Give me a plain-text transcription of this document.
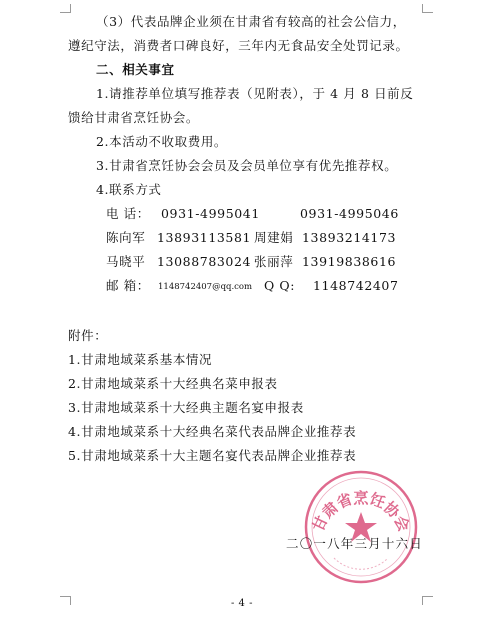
（3）代表品牌企业须在甘肃省有较高的社会公信力，
遵纪守法，消费者口碑良好，三年内无食品安全处罚记录。
二、相关事宜
1.请推荐单位填写推荐表（见附表），于 4 月 8 日前反
馈给甘肃省烹饪协会。
2.本活动不收取费用。
3.甘肃省烹饪协会会员及会员单位享有优先推荐权。
4.联系方式
电 话： 0931-4995041	0931-4995046
陈向军 13893113581 周建娟 13893214173
马晓平 13088783024 张丽萍 13919838616
邮 箱： 1148742407@qq.com Q Q: 1148742407
附件：
1.甘肃地域菜系基本情况
2.甘肃地域菜系十大经典名菜申报表
3.甘肃地域菜系十大经典主题名宴申报表
4.甘肃地域菜系十大经典名菜代表品牌企业推荐表
5.甘肃地域菜系十大主题名宴代表品牌企业推荐表
甘肃省烹饪协会
二〇一八年三月十六日
- 4 -
